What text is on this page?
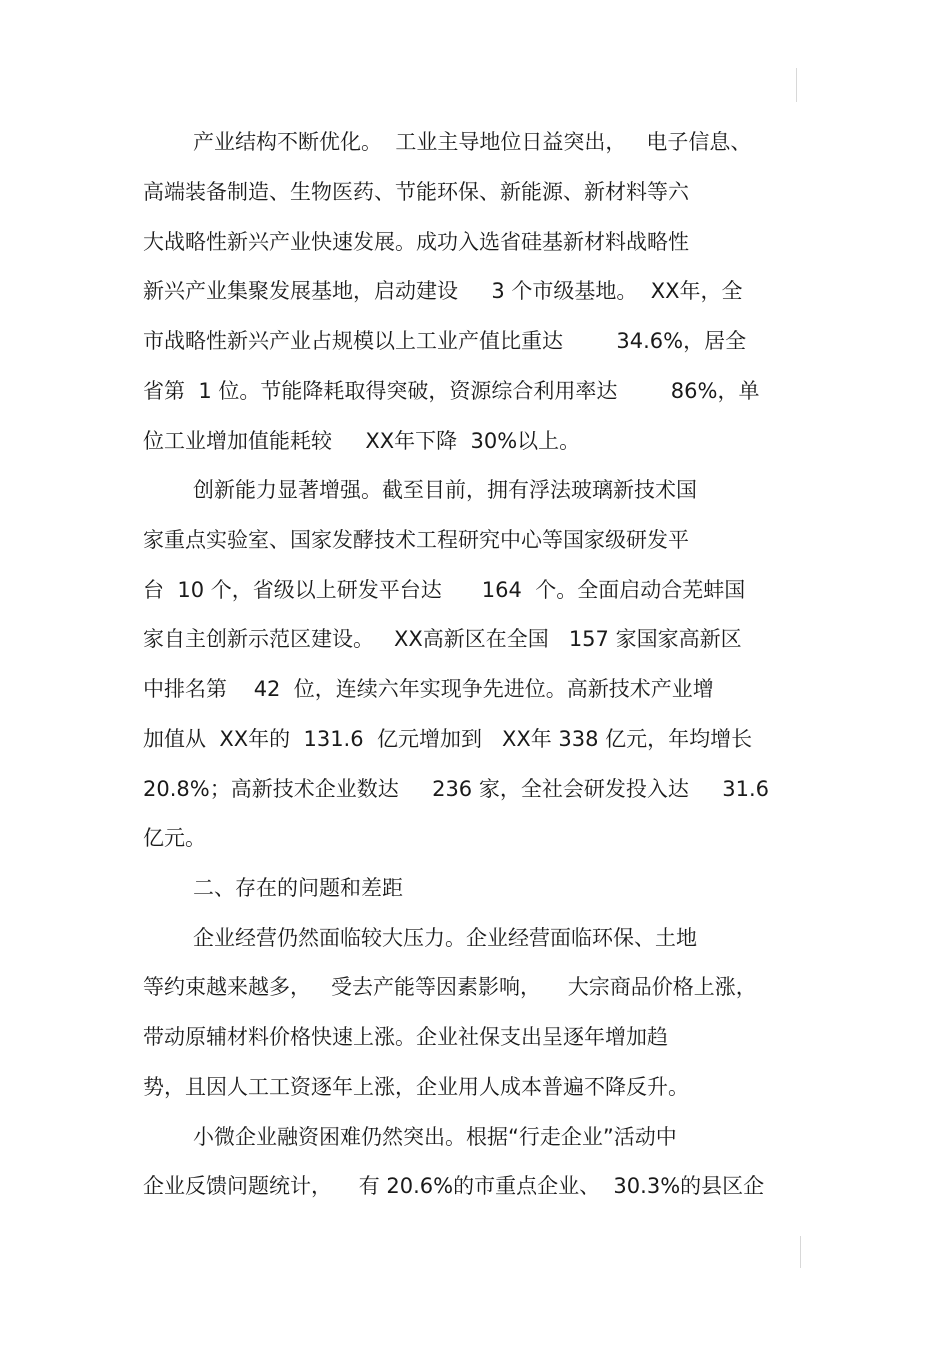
产业结构不断优化。  工业主导地位日益突出，   电子信息、
高端装备制造、生物医药、节能环保、新能源、新材料等六
大战略性新兴产业快速发展。成功入选省硅基新材料战略性
新兴产业集聚发展基地，启动建设     3 个市级基地。  XX年，全
市战略性新兴产业占规模以上工业产值比重达        34.6%，居全
省第  1 位。节能降耗取得突破，资源综合利用率达        86%，单
位工业增加值能耗较     XX年下降  30%以上。
创新能力显著增强。截至目前，拥有浮法玻璃新技术国
家重点实验室、国家发酵技术工程研究中心等国家级研发平
台  10 个，省级以上研发平台达      164  个。全面启动合芜蚌国
家自主创新示范区建设。   XX高新区在全国   157 家国家高新区
中排名第    42  位，连续六年实现争先进位。高新技术产业增
加值从  XX年的  131.6  亿元增加到   XX年 338 亿元，年均增长
20.8%；高新技术企业数达     236 家，全社会研发投入达     31.6
亿元。
二、存在的问题和差距
企业经营仍然面临较大压力。企业经营面临环保、土地
等约束越来越多，   受去产能等因素影响，    大宗商品价格上涨，
带动原辅材料价格快速上涨。企业社保支出呈逐年增加趋
势，且因人工工资逐年上涨，企业用人成本普遍不降反升。
小微企业融资困难仍然突出。根据“行走企业”活动中
企业反馈问题统计，    有 20.6%的市重点企业、  30.3%的县区企
